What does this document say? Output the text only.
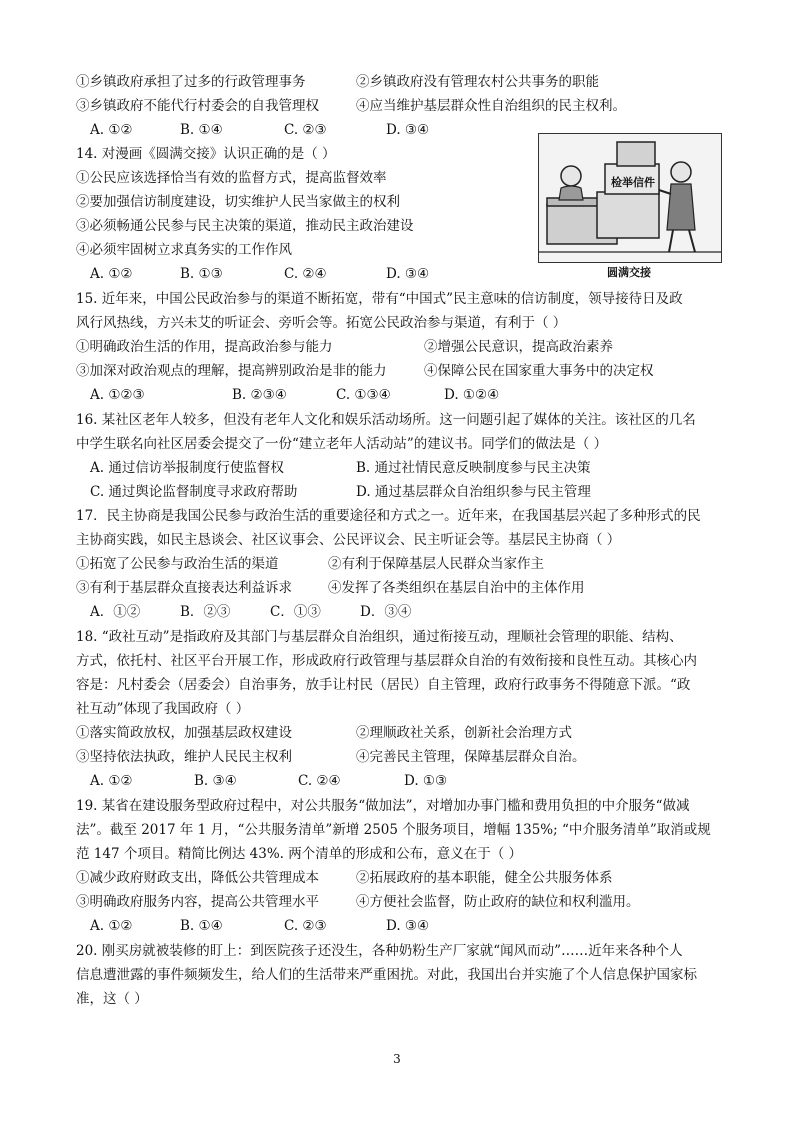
①乡镇政府承担了过多的行政管理事务	②乡镇政府没有管理农村公共事务的职能
③乡镇政府不能代行村委会的自我管理权	④应当维护基层群众性自治组织的民主权利。
A. ①②	B. ①④	C. ②③	D. ③④
14. 对漫画《圆满交接》认识正确的是（ ）
①公民应该选择恰当有效的监督方式，提高监督效率
②要加强信访制度建设，切实维护人民当家做主的权利
③必须畅通公民参与民主决策的渠道，推动民主政治建设
④必须牢固树立求真务实的工作作风
A. ①②	B. ①③	C. ②④	D. ③④
检举信件
圆满交接
15. 近年来，中国公民政治参与的渠道不断拓宽，带有“中国式”民主意味的信访制度，领导接待日及政
风行风热线，方兴未艾的听证会、旁听会等。拓宽公民政治参与渠道，有利于（ ）
①明确政治生活的作用，提高政治参与能力	②增强公民意识，提高政治素养
③加深对政治观点的理解，提高辨别政治是非的能力	④保障公民在国家重大事务中的决定权
A. ①②③	B. ②③④	C. ①③④	D. ①②④
16. 某社区老年人较多，但没有老年人文化和娱乐活动场所。这一问题引起了媒体的关注。该社区的几名
中学生联名向社区居委会提交了一份“建立老年人活动站”的建议书。同学们的做法是（ ）
A. 通过信访举报制度行使监督权	B. 通过社情民意反映制度参与民主决策
C. 通过舆论监督制度寻求政府帮助	D. 通过基层群众自治组织参与民主管理
17．民主协商是我国公民参与政治生活的重要途径和方式之一。近年来，在我国基层兴起了多种形式的民
主协商实践，如民主恳谈会、社区议事会、公民评议会、民主听证会等。基层民主协商（ ）
①拓宽了公民参与政治生活的渠道	②有利于保障基层人民群众当家作主
③有利于基层群众直接表达利益诉求	④发挥了各类组织在基层自治中的主体作用
A．①②	B．②③	C．①③	D．③④
18. “政社互动”是指政府及其部门与基层群众自治组织，通过衔接互动，理顺社会管理的职能、结构、
方式，依托村、社区平台开展工作，形成政府行政管理与基层群众自治的有效衔接和良性互动。其核心内
容是：凡村委会（居委会）自治事务，放手让村民（居民）自主管理，政府行政事务不得随意下派。“政
社互动”体现了我国政府（ ）
①落实简政放权，加强基层政权建设	②理顺政社关系，创新社会治理方式
③坚持依法执政，维护人民民主权利	④完善民主管理，保障基层群众自治。
A. ①②	B. ③④	C. ②④	D. ①③
19. 某省在建设服务型政府过程中，对公共服务“做加法”，对增加办事门槛和费用负担的中介服务“做减
法”。截至 2017 年 1 月，“公共服务清单”新增 2505 个服务项目，增幅 135%; “中介服务清单”取消或规
范 147 个项目。精简比例达 43%. 两个清单的形成和公布，意义在于（ ）
①减少政府财政支出，降低公共管理成本	②拓展政府的基本职能，健全公共服务体系
③明确政府服务内容，提高公共管理水平	④方便社会监督，防止政府的缺位和权利滥用。
A. ①②	B. ①④	C. ②③	D. ③④
20. 刚买房就被装修的盯上：到医院孩子还没生，各种奶粉生产厂家就“闻风而动”……近年来各种个人
信息遭泄露的事件频频发生，给人们的生活带来严重困扰。对此，我国出台并实施了个人信息保护国家标
准，这（ ）
3
